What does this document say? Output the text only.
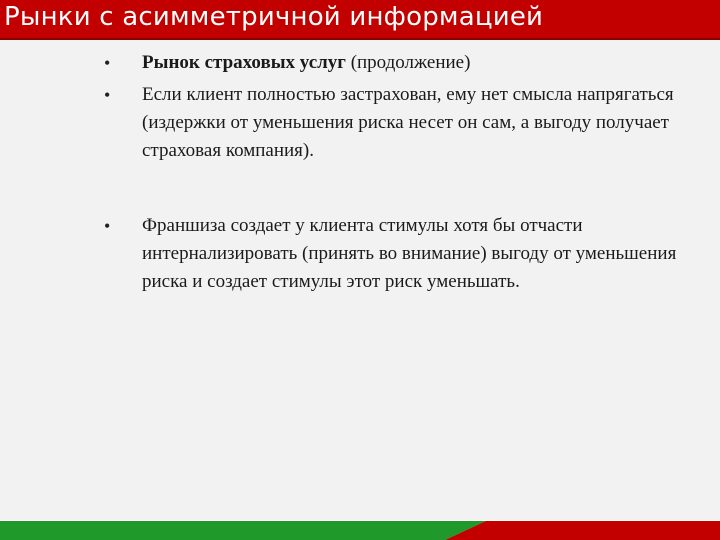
Рынки с асимметричной информацией
• Рынок страховых услуг (продолжение)
• Если клиент полностью застрахован, ему нет смысла напрягаться (издержки от уменьшения риска несет он сам, а выгоду получает страховая компания).
• Франшиза создает у клиента стимулы хотя бы отчасти интернализировать (принять во внимание) выгоду от уменьшения риска и создает стимулы этот риск уменьшать.
